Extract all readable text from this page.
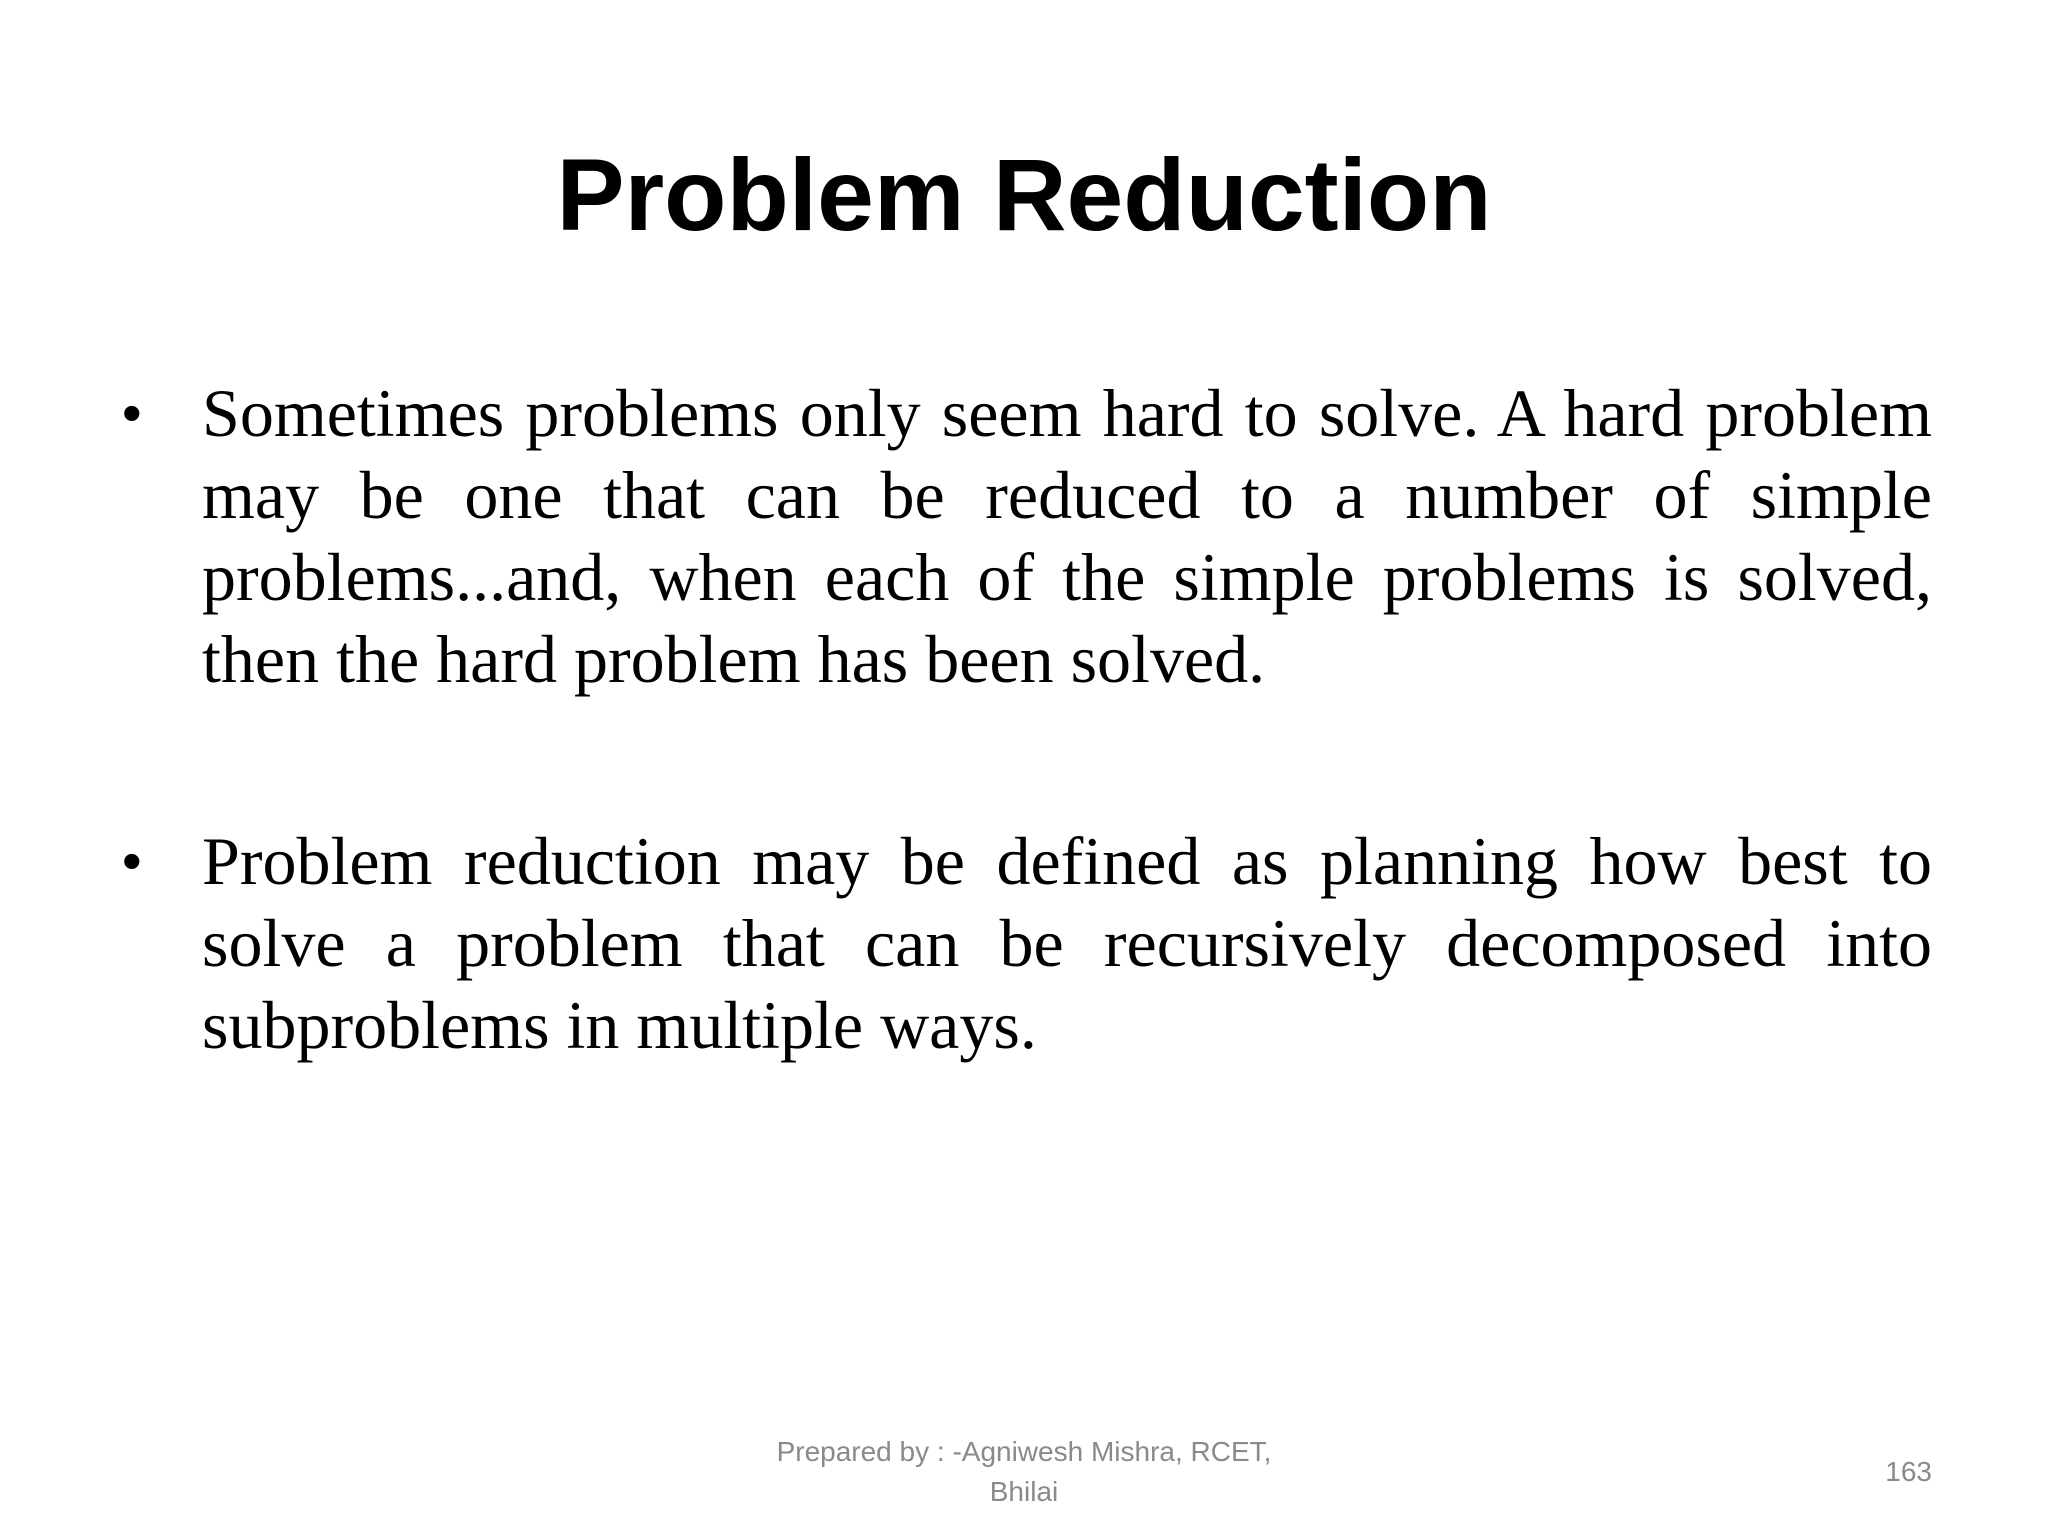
Problem Reduction
• Sometimes problems only seem hard to solve. A hard problem may be one that can be reduced to a number of simple problems...and, when each of the simple problems is solved, then the hard problem has been solved.
• Problem reduction may be defined as planning how best to solve a problem that can be recursively decomposed into subproblems in multiple ways.
Prepared by : -Agniwesh Mishra, RCET,
Bhilai
163
